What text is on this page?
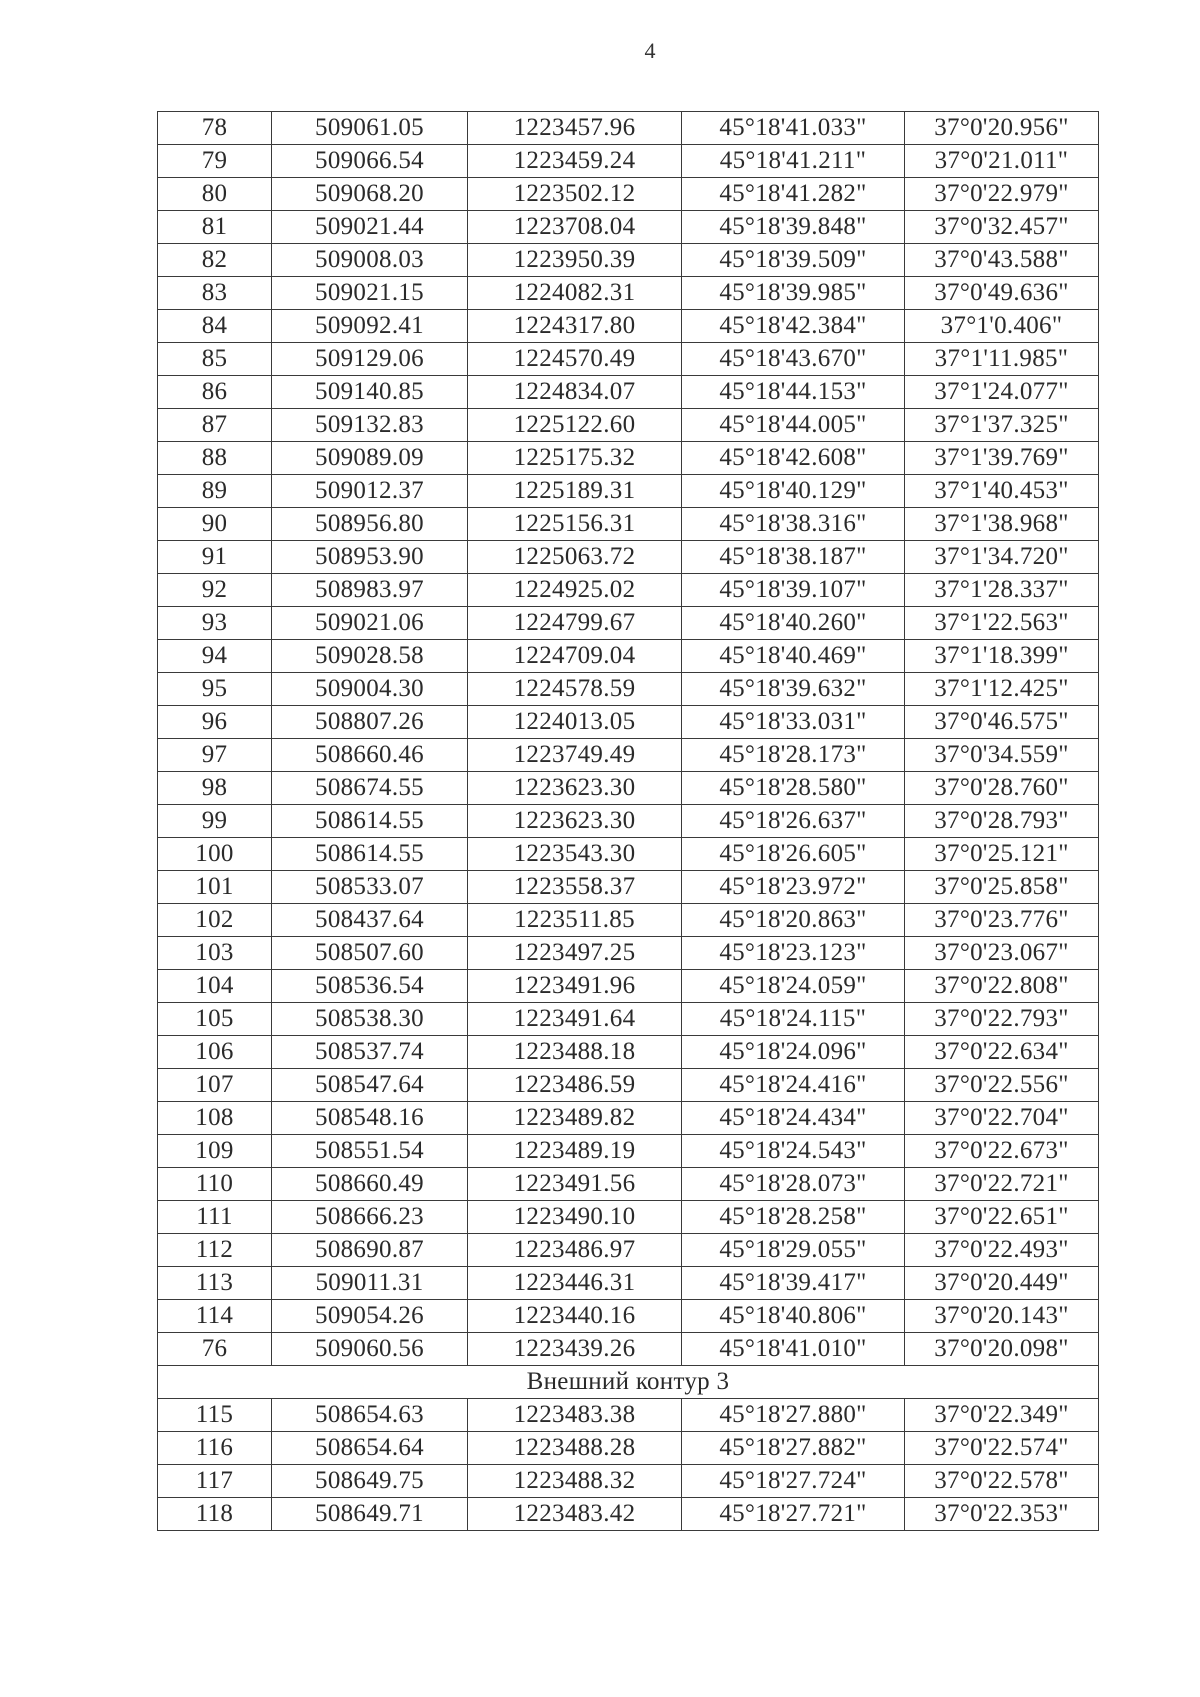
4
78	509061.05	1223457.96	45°18'41.033"	37°0'20.956"
79	509066.54	1223459.24	45°18'41.211"	37°0'21.011"
80	509068.20	1223502.12	45°18'41.282"	37°0'22.979"
81	509021.44	1223708.04	45°18'39.848"	37°0'32.457"
82	509008.03	1223950.39	45°18'39.509"	37°0'43.588"
83	509021.15	1224082.31	45°18'39.985"	37°0'49.636"
84	509092.41	1224317.80	45°18'42.384"	37°1'0.406"
85	509129.06	1224570.49	45°18'43.670"	37°1'11.985"
86	509140.85	1224834.07	45°18'44.153"	37°1'24.077"
87	509132.83	1225122.60	45°18'44.005"	37°1'37.325"
88	509089.09	1225175.32	45°18'42.608"	37°1'39.769"
89	509012.37	1225189.31	45°18'40.129"	37°1'40.453"
90	508956.80	1225156.31	45°18'38.316"	37°1'38.968"
91	508953.90	1225063.72	45°18'38.187"	37°1'34.720"
92	508983.97	1224925.02	45°18'39.107"	37°1'28.337"
93	509021.06	1224799.67	45°18'40.260"	37°1'22.563"
94	509028.58	1224709.04	45°18'40.469"	37°1'18.399"
95	509004.30	1224578.59	45°18'39.632"	37°1'12.425"
96	508807.26	1224013.05	45°18'33.031"	37°0'46.575"
97	508660.46	1223749.49	45°18'28.173"	37°0'34.559"
98	508674.55	1223623.30	45°18'28.580"	37°0'28.760"
99	508614.55	1223623.30	45°18'26.637"	37°0'28.793"
100	508614.55	1223543.30	45°18'26.605"	37°0'25.121"
101	508533.07	1223558.37	45°18'23.972"	37°0'25.858"
102	508437.64	1223511.85	45°18'20.863"	37°0'23.776"
103	508507.60	1223497.25	45°18'23.123"	37°0'23.067"
104	508536.54	1223491.96	45°18'24.059"	37°0'22.808"
105	508538.30	1223491.64	45°18'24.115"	37°0'22.793"
106	508537.74	1223488.18	45°18'24.096"	37°0'22.634"
107	508547.64	1223486.59	45°18'24.416"	37°0'22.556"
108	508548.16	1223489.82	45°18'24.434"	37°0'22.704"
109	508551.54	1223489.19	45°18'24.543"	37°0'22.673"
110	508660.49	1223491.56	45°18'28.073"	37°0'22.721"
111	508666.23	1223490.10	45°18'28.258"	37°0'22.651"
112	508690.87	1223486.97	45°18'29.055"	37°0'22.493"
113	509011.31	1223446.31	45°18'39.417"	37°0'20.449"
114	509054.26	1223440.16	45°18'40.806"	37°0'20.143"
76	509060.56	1223439.26	45°18'41.010"	37°0'20.098"
Внешний контур 3				
115	508654.63	1223483.38	45°18'27.880"	37°0'22.349"
116	508654.64	1223488.28	45°18'27.882"	37°0'22.574"
117	508649.75	1223488.32	45°18'27.724"	37°0'22.578"
118	508649.71	1223483.42	45°18'27.721"	37°0'22.353"
